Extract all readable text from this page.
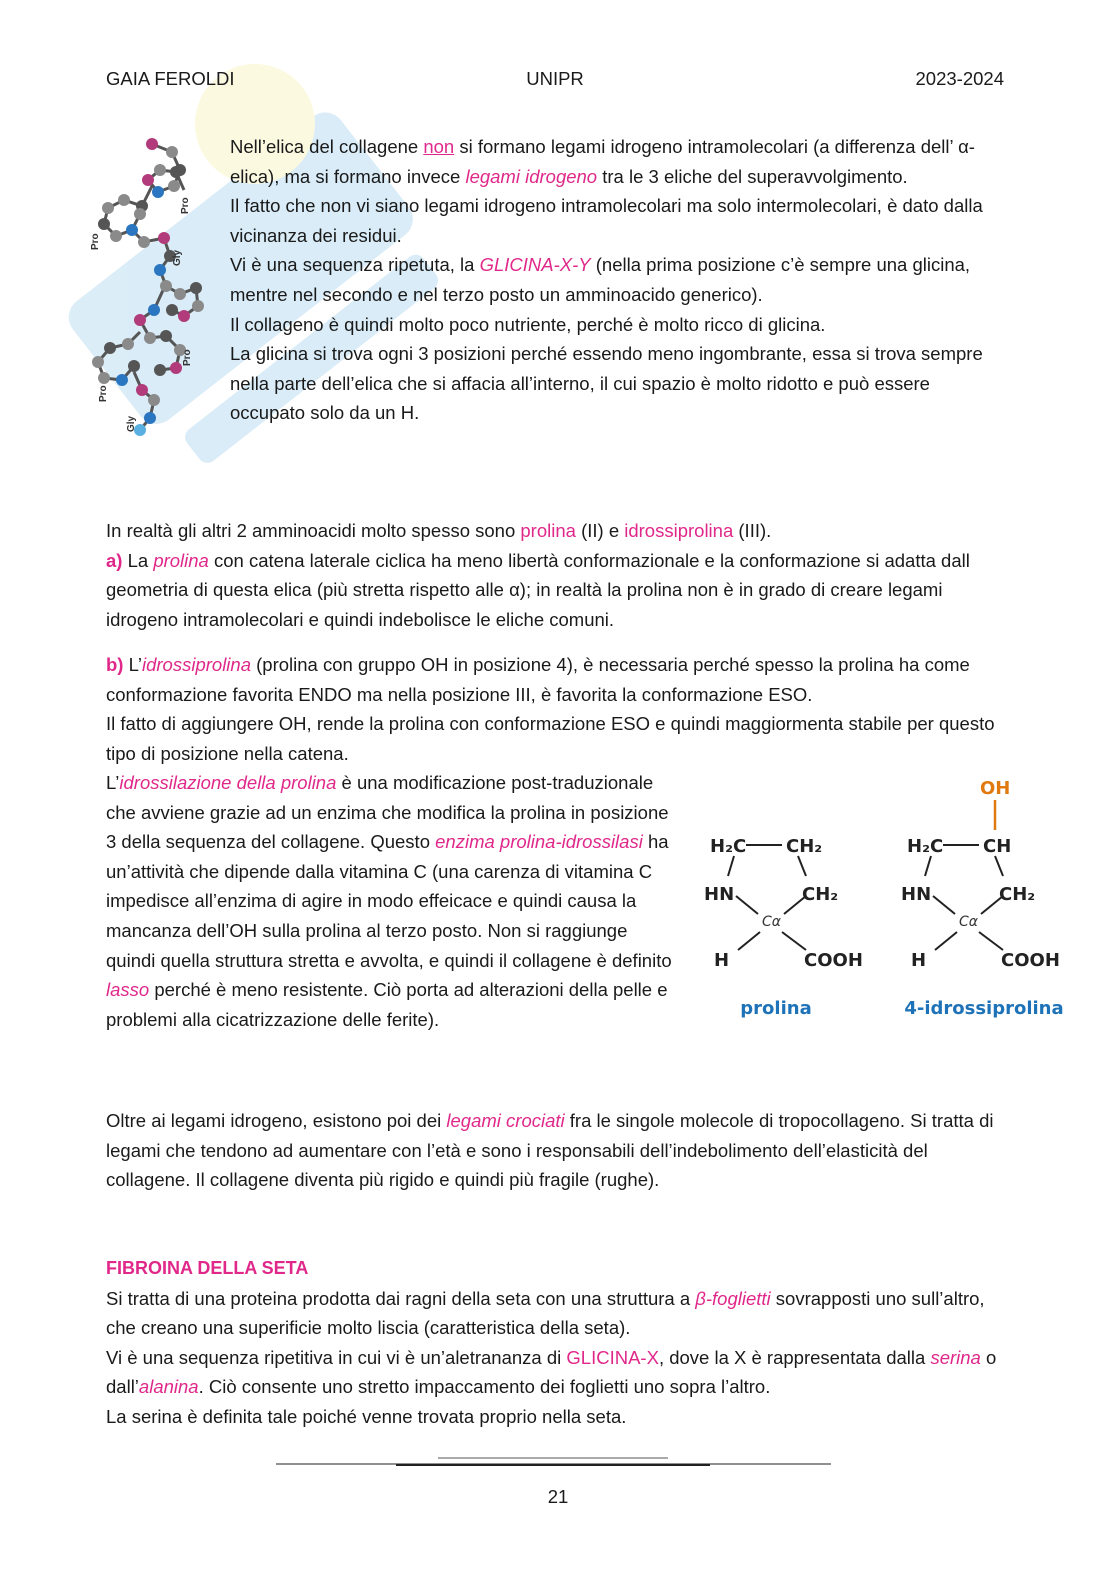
GAIA FEROLDI	UNIPR	2023-2024
Pro
Pro
Gly
Pro
Pro
Gly

Nell’elica del collagene non si formano legami idrogeno intramolecolari (a differenza dell’ α-elica), ma si formano invece legami idrogeno tra le 3 eliche del superavvolgimento.

Il fatto che non vi siano legami idrogeno intramolecolari ma solo intermolecolari, è dato dalla vicinanza dei residui.

Vi è una sequenza ripetuta, la GLICINA-X-Y (nella prima posizione c’è sempre una glicina, mentre nel secondo e nel terzo posto un amminoacido generico).

Il collageno è quindi molto poco nutriente, perché è molto ricco di glicina.

La glicina si trova ogni 3 posizioni perché essendo meno ingombrante, essa si trova sempre nella parte dell’elica che si affacia all’interno, il cui spazio è molto ridotto e può essere occupato solo da un H.

In realtà gli altri 2 amminoacidi molto spesso sono prolina (II) e idrossiprolina (III).

a) La prolina con catena laterale ciclica ha meno libertà conformazionale e la conformazione si adatta dall geometria di questa elica (più stretta rispetto alle α); in realtà la prolina non è in grado di creare legami idrogeno intramolecolari e quindi indebolisce le eliche comuni.

b) L’idrossiprolina (prolina con gruppo OH in posizione 4), è necessaria perché spesso la prolina ha come conformazione favorita ENDO ma nella posizione III, è favorita la conformazione ESO.

Il fatto di aggiungere OH, rende la prolina con conformazione ESO e quindi maggiormenta stabile per questo tipo di posizione nella catena.

L’idrossilazione della prolina è una modificazione post-traduzionale che avviene grazie ad un enzima che modifica la prolina in posizione 3 della sequenza del collagene. Questo enzima prolina-idrossilasi ha un’attività che dipende dalla vitamina C (una carenza di vitamina C impedisce all’enzima di agire in modo effeicace e quindi causa la mancanza dell’OH sulla prolina al terzo posto. Non si raggiunge quindi quella struttura stretta e avvolta, e quindi il collagene è definito lasso perché è meno resistente. Ciò porta ad alterazioni della pelle e problemi alla cicatrizzazione delle ferite).

H₂C CH₂
HN	CH₂
H	COOH
H₂C CH
HN	CH₂
H	COOH
Cα	Cα
OH
prolina	4-idrossiprolina

Oltre ai legami idrogeno, esistono poi dei legami crociati fra le singole molecole di tropocollageno. Si tratta di legami che tendono ad aumentare con l’età e sono i responsabili dell’indebolimento dell’elasticità del collagene. Il collagene diventa più rigido e quindi più fragile (rughe).

FIBROINA DELLA SETA

Si tratta di una proteina prodotta dai ragni della seta con una struttura a β-foglietti sovrapposti uno sull’altro, che creano una superificie molto liscia (caratteristica della seta).

Vi è una sequenza ripetitiva in cui vi è un’aletrananza di GLICINA-X, dove la X è rappresentata dalla serina o dall’alanina. Ciò consente uno stretto impaccamento dei foglietti uno sopra l’altro.

La serina è definita tale poiché venne trovata proprio nella seta.

21
